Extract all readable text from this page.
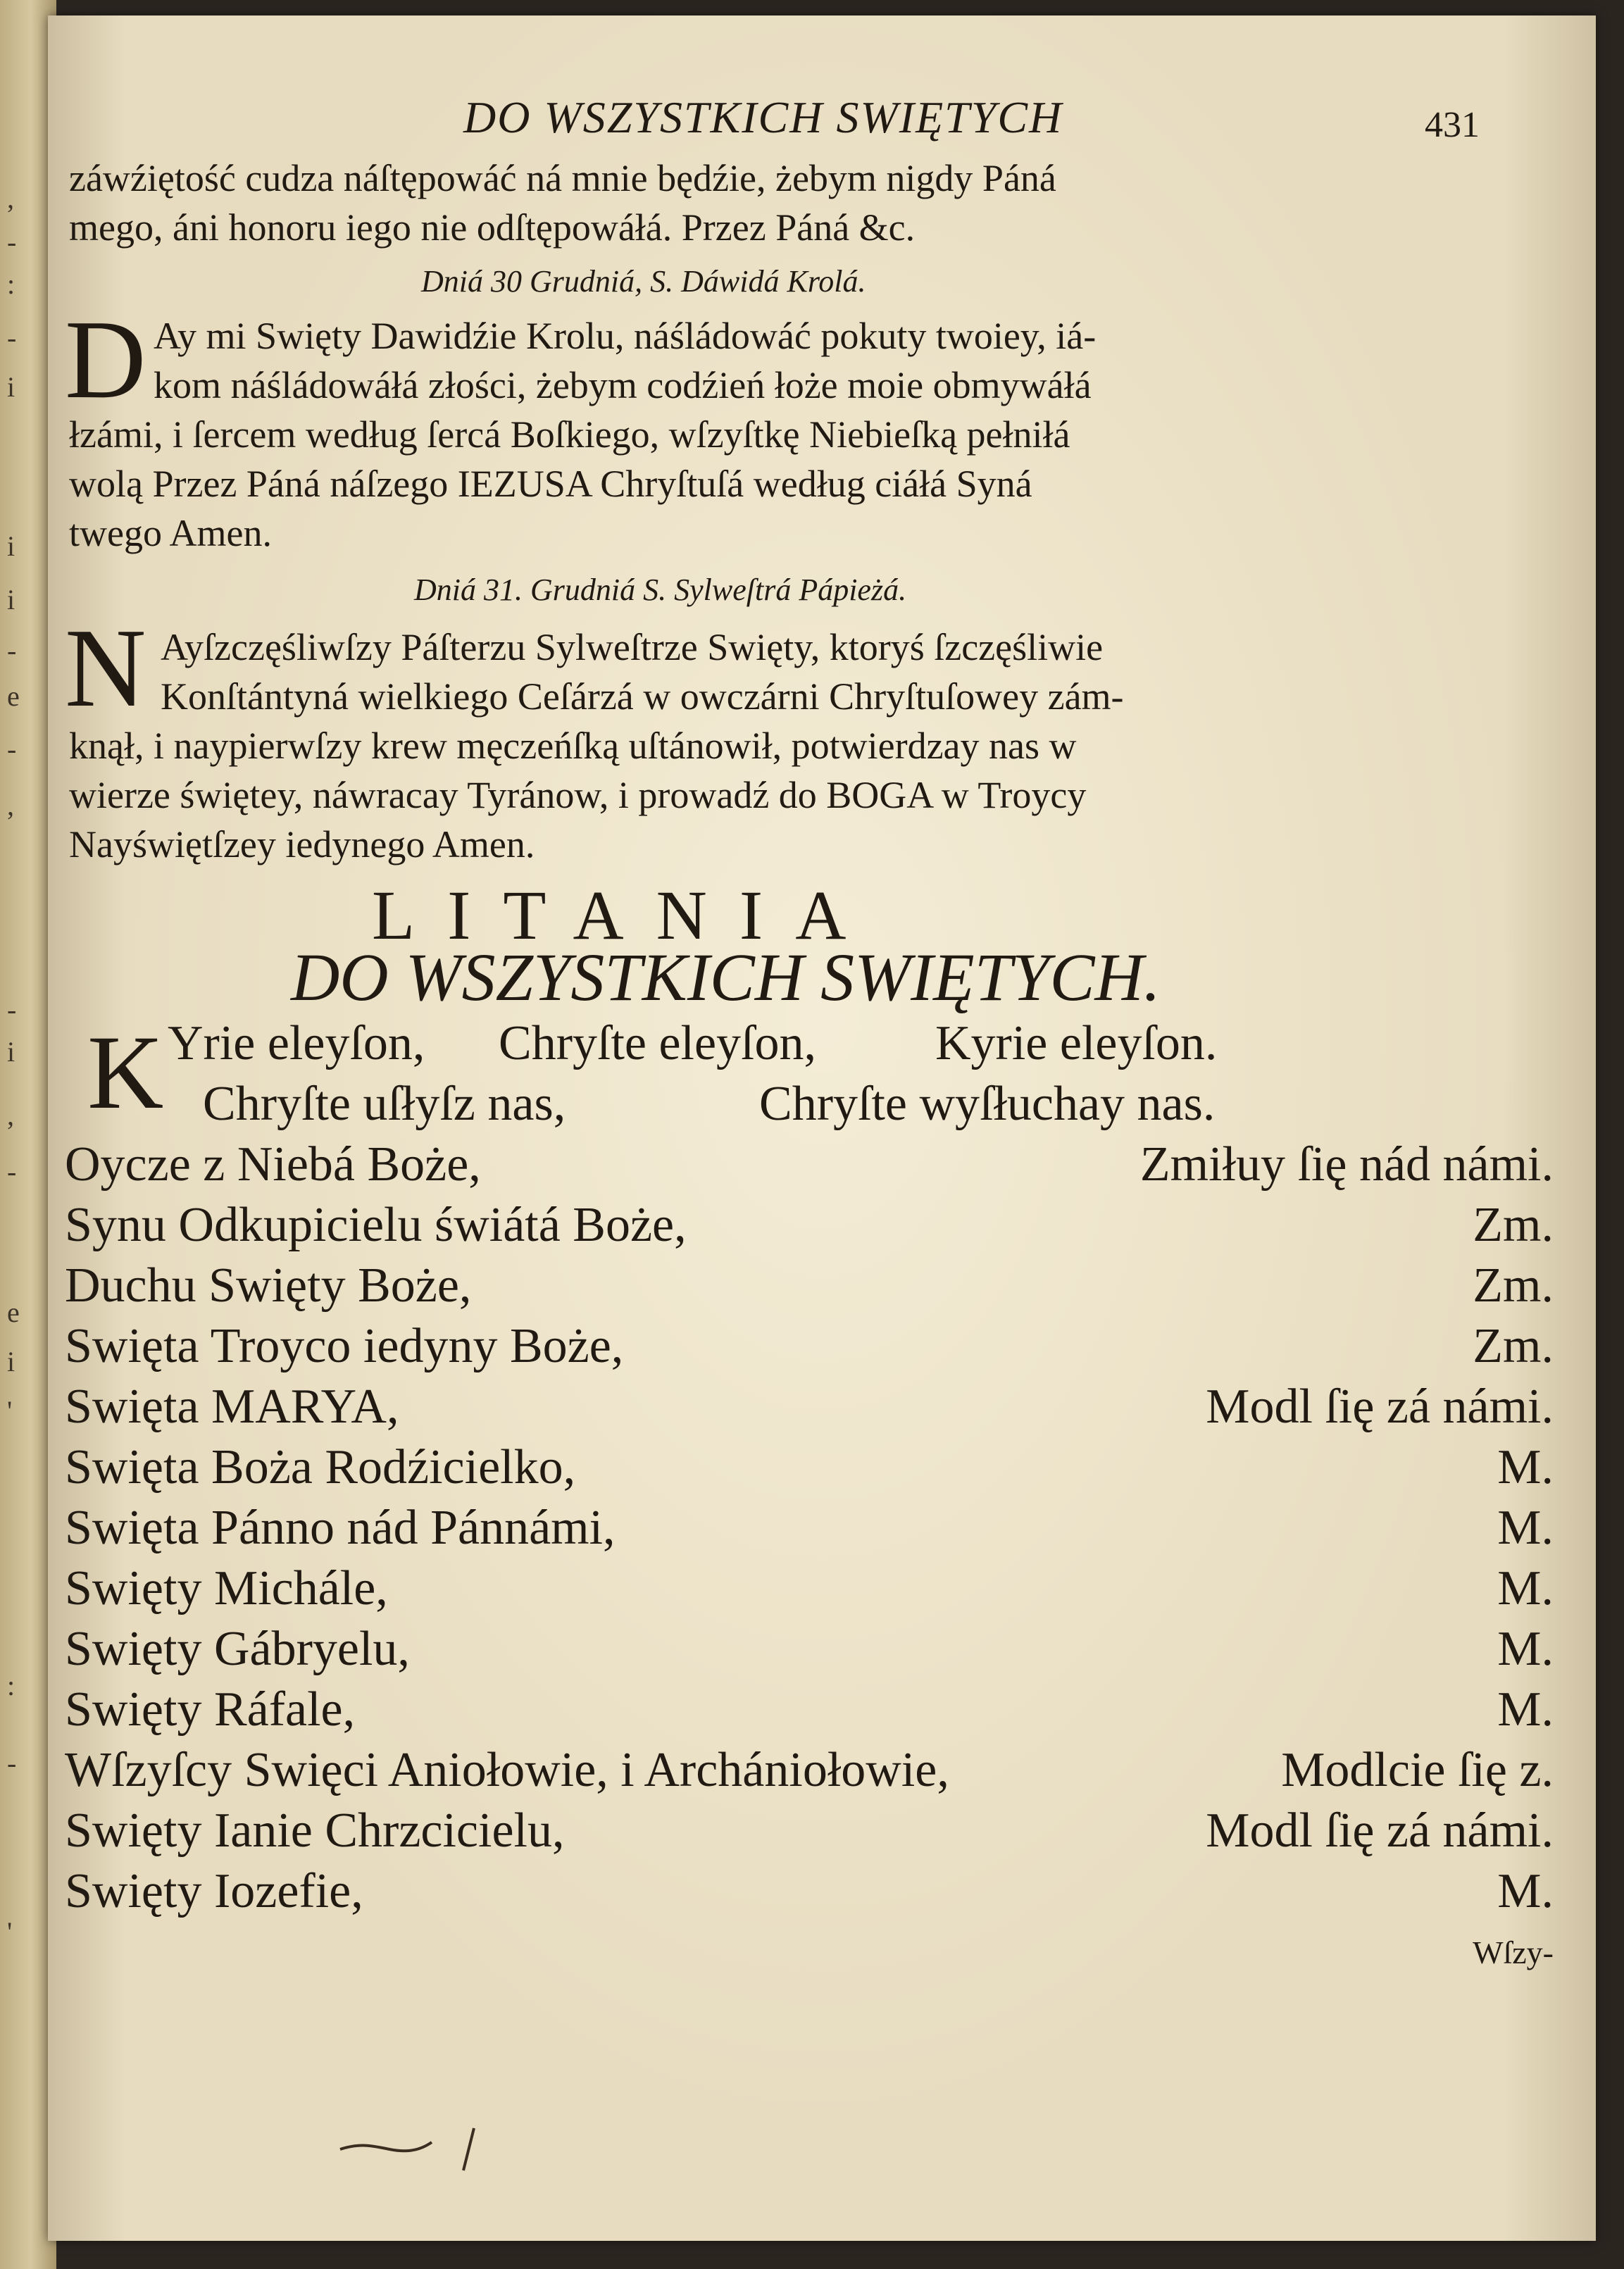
,
-
:
-
i
i
i
-
e
-
,
-
i
,
-
e
i
'
:
-
'
DO WSZYSTKICH SWIĘTYCH	431
záwźiętość cudza náſtępowáć ná mnie będźie, żebym nigdy Páná
mego, áni honoru iego nie odſtępowáłá. Przez Páná &c.
Dniá 30 Grudniá, S. Dáwidá Krolá.
D Ay mi Swięty Dawidźie Krolu, náśládowáć pokuty twoiey, iá-
kom náśládowáłá złości, żebym codźień łoże moie obmywáłá
łzámi, i ſercem według ſercá Boſkiego, wſzyſtkę Niebieſką pełniłá
wolą Przez Páná náſzego IEZUSA Chryſtuſá według ciáłá Syná
twego Amen.
Dniá 31. Grudniá S. Sylweſtrá Pápieżá.
N Ayſzczęśliwſzy Páſterzu Sylweſtrze Swięty, ktoryś ſzczęśliwie
Konſtántyná wielkiego Ceſárzá w owczárni Chryſtuſowey zám-
knął, i naypierwſzy krew męczeńſką uſtánowił, potwierdzay nas w
wierze świętey, náwracay Tyránow, i prowadź do BOGA w Troycy
Nayświętſzey iedynego Amen.
LITANIA
DO WSZYSTKICH SWIĘTYCH.
K Yrie eleyſon, Chryſte eleyſon, Kyrie eleyſon.
Chryſte uſłyſz nas,	Chryſte wyſłuchay nas.
Oycze z Niebá Boże,	Zmiłuy ſię nád námi.
Synu Odkupicielu świátá Boże,	Zm.
Duchu Swięty Boże,	Zm.
Swięta Troyco iedyny Boże,	Zm.
Swięta MARYA,	Modl ſię zá námi.
Swięta Boża Rodźicielko,	M.
Swięta Pánno nád Pánnámi,	M.
Swięty Michále,	M.
Swięty Gábryelu,	M.
Swięty Ráfale,	M.
Wſzyſcy Swięci Aniołowie, i Archániołowie,	Modlcie ſię z.
Swięty Ianie Chrzcicielu,	Modl ſię zá námi.
Swięty Iozefie,	M.
Wſzy-
